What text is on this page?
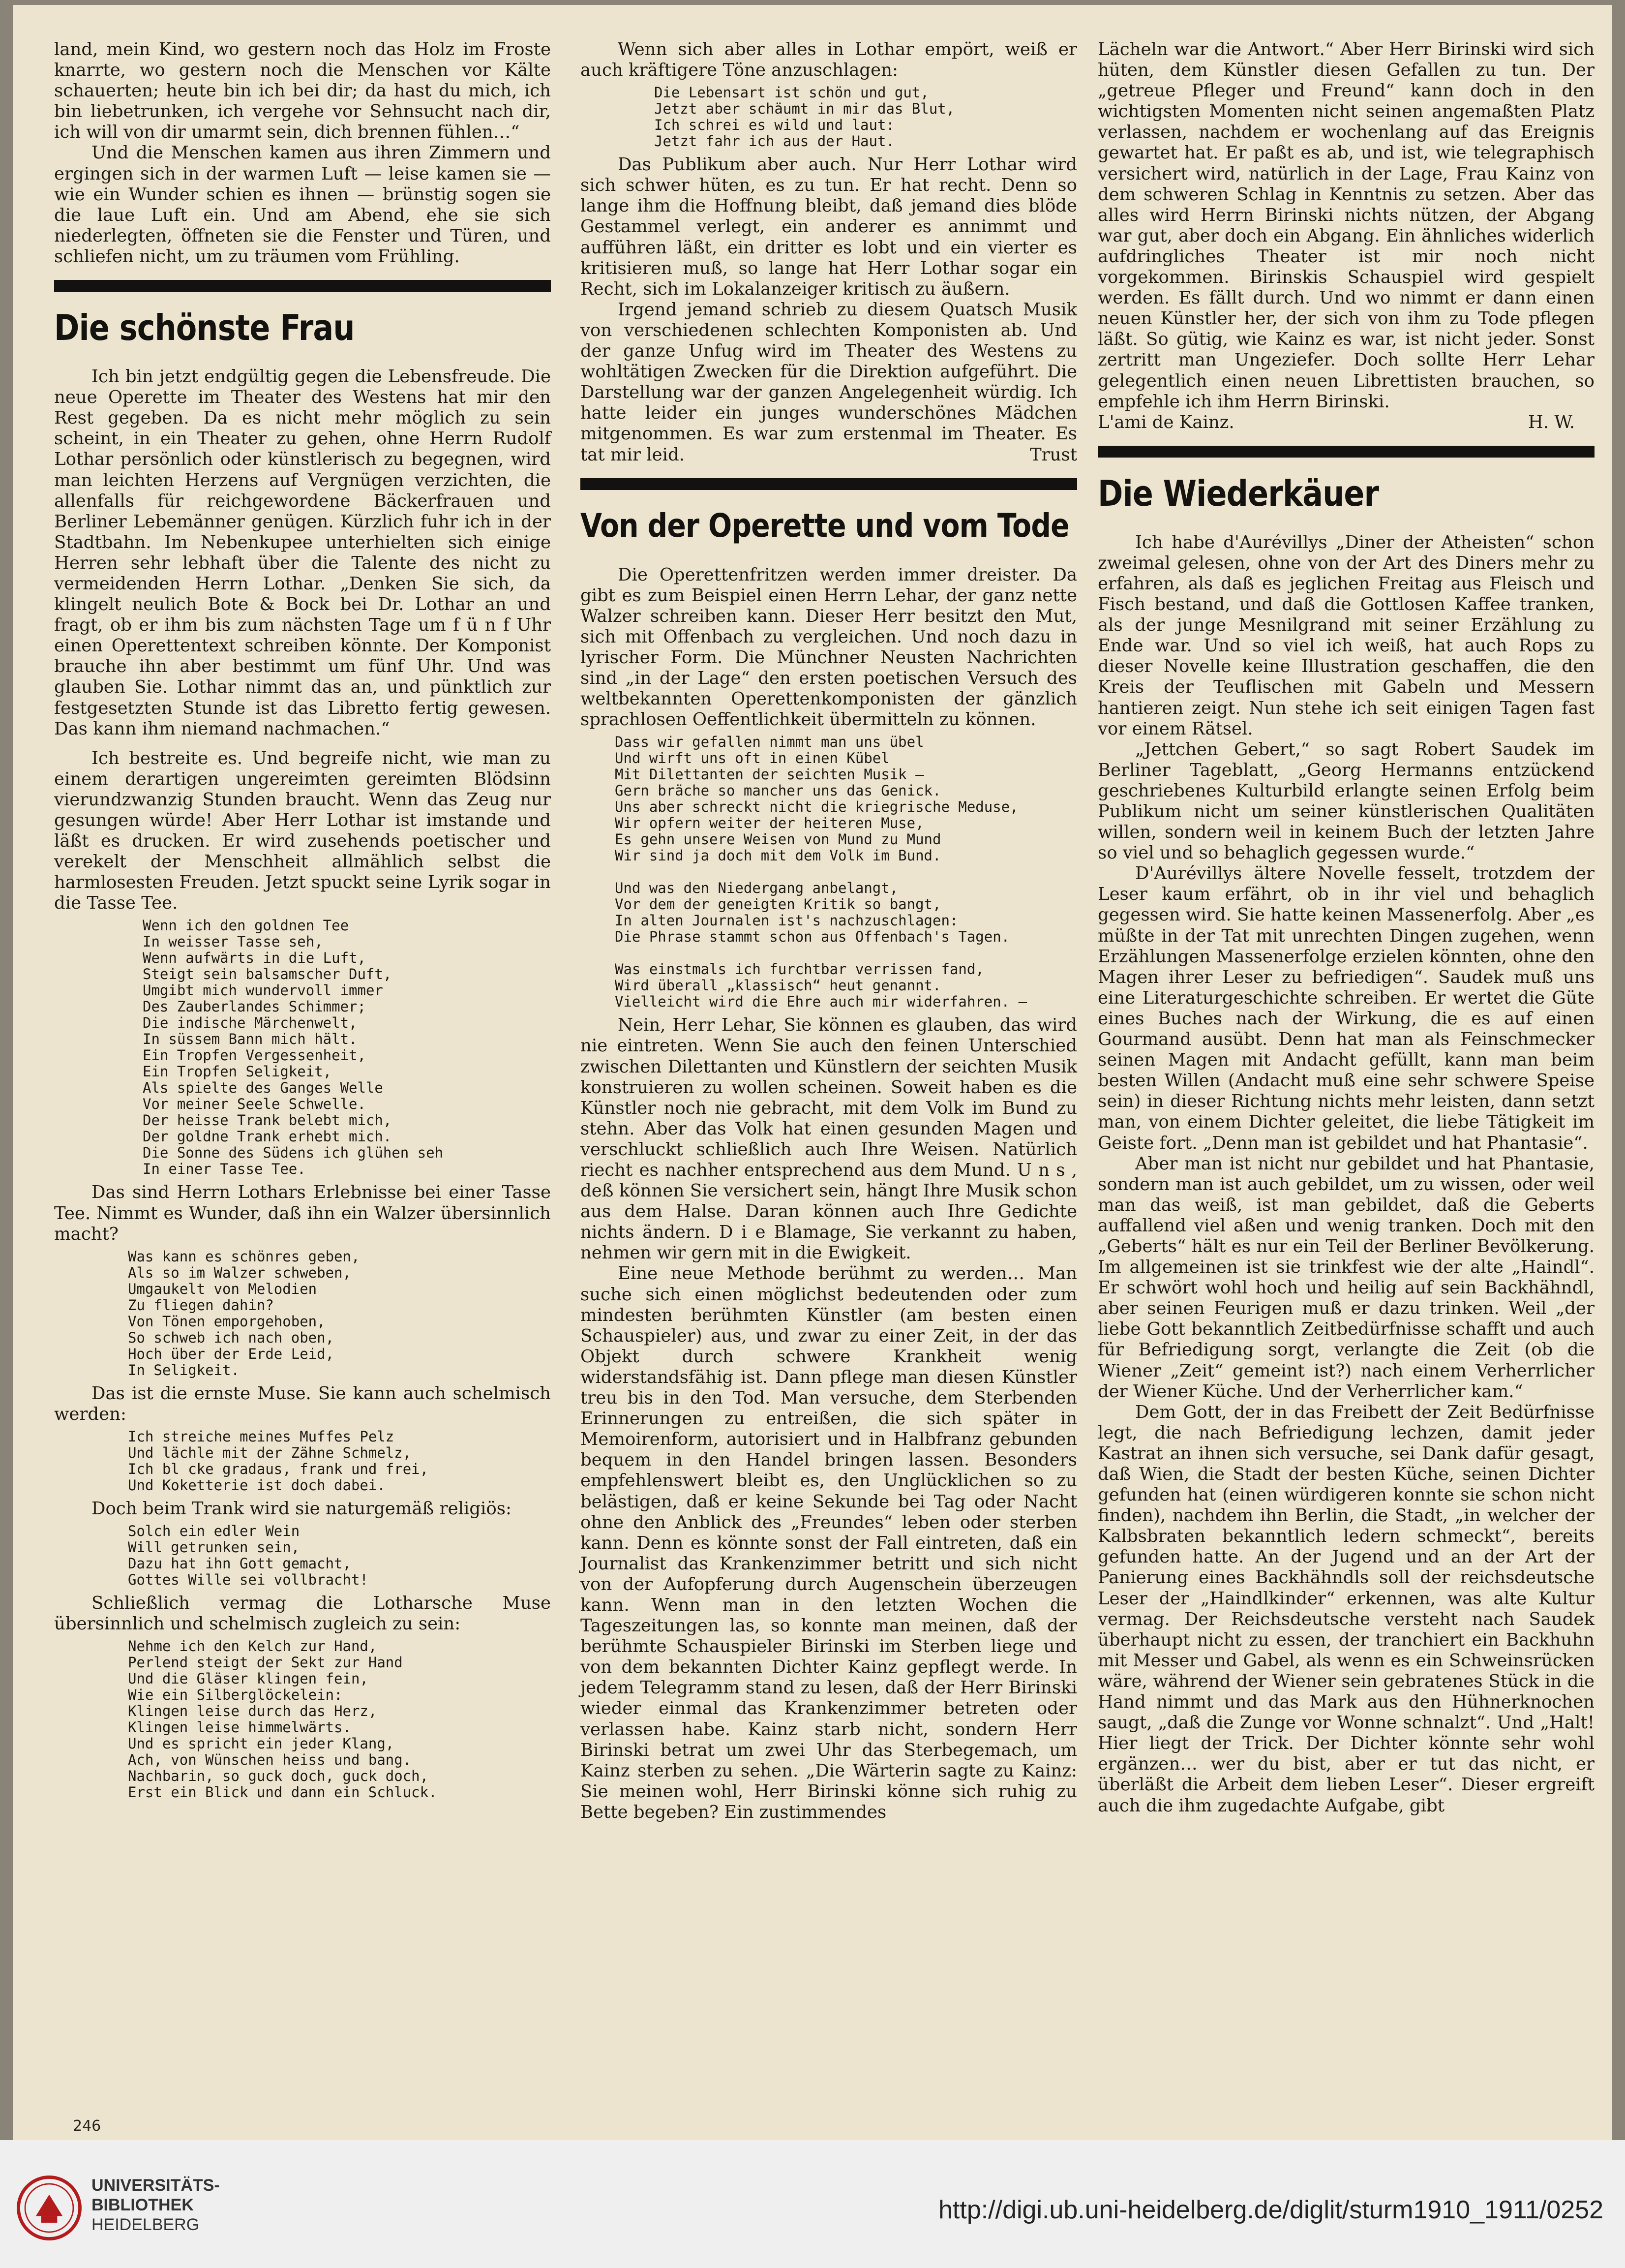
land, mein Kind, wo gestern noch das Holz im Froste knarrte, wo gestern noch die Menschen vor Kälte schauerten; heute bin ich bei dir; da hast du mich, ich bin liebetrunken, ich vergehe vor Sehnsucht nach dir, ich will von dir umarmt sein, dich brennen fühlen…“

Und die Menschen kamen aus ihren Zimmern und ergingen sich in der warmen Luft — leise kamen sie — wie ein Wunder schien es ihnen — brünstig sogen sie die laue Luft ein. Und am Abend, ehe sie sich niederlegten, öffneten sie die Fenster und Türen, und schliefen nicht, um zu träumen vom Frühling.

Die schönste Frau

Ich bin jetzt endgültig gegen die Lebensfreude. Die neue Operette im Theater des Westens hat mir den Rest gegeben. Da es nicht mehr möglich zu sein scheint, in ein Theater zu gehen, ohne Herrn Rudolf Lothar persönlich oder künstlerisch zu begegnen, wird man leichten Herzens auf Vergnügen verzichten, die allenfalls für reichgewordene Bäckerfrauen und Berliner Lebemänner genügen. Kürzlich fuhr ich in der Stadtbahn. Im Nebenkupee unterhielten sich einige Herren sehr lebhaft über die Talente des nicht zu vermeidenden Herrn Lothar. „Denken Sie sich, da klingelt neulich Bote & Bock bei Dr. Lothar an und fragt, ob er ihm bis zum nächsten Tage um f ü n f Uhr einen Operettentext schreiben könnte. Der Komponist brauche ihn aber bestimmt um fünf Uhr. Und was glauben Sie. Lothar nimmt das an, und pünktlich zur festgesetzten Stunde ist das Libretto fertig gewesen. Das kann ihm niemand nachmachen.“

Ich bestreite es. Und begreife nicht, wie man zu einem derartigen ungereimten gereimten Blödsinn vierundzwanzig Stunden braucht. Wenn das Zeug nur gesungen würde! Aber Herr Lothar ist imstande und läßt es drucken. Er wird zusehends poetischer und verekelt der Menschheit allmählich selbst die harmlosesten Freuden. Jetzt spuckt seine Lyrik sogar in die Tasse Tee.

Wenn ich den goldnen Tee
In weisser Tasse seh,
Wenn aufwärts in die Luft,
Steigt sein balsamscher Duft,
Umgibt mich wundervoll immer
Des Zauberlandes Schimmer;
Die indische Märchenwelt,
In süssem Bann mich hält.
Ein Tropfen Vergessenheit,
Ein Tropfen Seligkeit,
Als spielte des Ganges Welle
Vor meiner Seele Schwelle.
Der heisse Trank belebt mich,
Der goldne Trank erhebt mich.
Die Sonne des Südens ich glühen seh
In einer Tasse Tee.

Das sind Herrn Lothars Erlebnisse bei einer Tasse Tee. Nimmt es Wunder, daß ihn ein Walzer übersinnlich macht?

Was kann es schönres geben,
Als so im Walzer schweben,
Umgaukelt von Melodien
Zu fliegen dahin?
Von Tönen emporgehoben,
So schweb ich nach oben,
Hoch über der Erde Leid,
In Seligkeit.

Das ist die ernste Muse. Sie kann auch schelmisch werden:

Ich streiche meines Muffes Pelz
Und lächle mit der Zähne Schmelz,
Ich bl cke gradaus, frank und frei,
Und Koketterie ist doch dabei.

Doch beim Trank wird sie naturgemäß religiös:

Solch ein edler Wein
Will getrunken sein,
Dazu hat ihn Gott gemacht,
Gottes Wille sei vollbracht!

Schließlich vermag die Lotharsche Muse übersinnlich und schelmisch zugleich zu sein:

Nehme ich den Kelch zur Hand,
Perlend steigt der Sekt zur Hand
Und die Gläser klingen fein,
Wie ein Silberglöckelein:
Klingen leise durch das Herz,
Klingen leise himmelwärts.
Und es spricht ein jeder Klang,
Ach, von Wünschen heiss und bang.
Nachbarin, so guck doch, guck doch,
Erst ein Blick und dann ein Schluck.

Wenn sich aber alles in Lothar empört, weiß er auch kräftigere Töne anzuschlagen:

Die Lebensart ist schön und gut,
Jetzt aber schäumt in mir das Blut,
Ich schrei es wild und laut:
Jetzt fahr ich aus der Haut.

Das Publikum aber auch. Nur Herr Lothar wird sich schwer hüten, es zu tun. Er hat recht. Denn so lange ihm die Hoffnung bleibt, daß jemand dies blöde Gestammel verlegt, ein anderer es annimmt und aufführen läßt, ein dritter es lobt und ein vierter es kritisieren muß, so lange hat Herr Lothar sogar ein Recht, sich im Lokalanzeiger kritisch zu äußern.

Irgend jemand schrieb zu diesem Quatsch Musik von verschiedenen schlechten Komponisten ab. Und der ganze Unfug wird im Theater des Westens zu wohltätigen Zwecken für die Direktion aufgeführt. Die Darstellung war der ganzen Angelegenheit würdig. Ich hatte leider ein junges wunderschönes Mädchen mitgenommen. Es war zum erstenmal im Theater. Es tat mir leid.	Trust

Von der Operette und vom Tode

Die Operettenfritzen werden immer dreister. Da gibt es zum Beispiel einen Herrn Lehar, der ganz nette Walzer schreiben kann. Dieser Herr besitzt den Mut, sich mit Offenbach zu vergleichen. Und noch dazu in lyrischer Form. Die Münchner Neusten Nachrichten sind „in der Lage“ den ersten poetischen Versuch des weltbekannten Operettenkomponisten der gänzlich sprachlosen Oeffentlichkeit übermitteln zu können.

Dass wir gefallen nimmt man uns übel
Und wirft uns oft in einen Kübel
Mit Dilettanten der seichten Musik —
Gern bräche so mancher uns das Genick.
Uns aber schreckt nicht die kriegrische Meduse,
Wir opfern weiter der heiteren Muse,
Es gehn unsere Weisen von Mund zu Mund
Wir sind ja doch mit dem Volk im Bund.

Und was den Niedergang anbelangt,
Vor dem der geneigten Kritik so bangt,
In alten Journalen ist's nachzuschlagen:
Die Phrase stammt schon aus Offenbach's Tagen.

Was einstmals ich furchtbar verrissen fand,
Wird überall „klassisch“ heut genannt.
Vielleicht wird die Ehre auch mir widerfahren. —

Nein, Herr Lehar, Sie können es glauben, das wird nie eintreten. Wenn Sie auch den feinen Unterschied zwischen Dilettanten und Künstlern der seichten Musik konstruieren zu wollen scheinen. Soweit haben es die Künstler noch nie gebracht, mit dem Volk im Bund zu stehn. Aber das Volk hat einen gesunden Magen und verschluckt schließlich auch Ihre Weisen. Natürlich riecht es nachher entsprechend aus dem Mund. U n s , deß können Sie versichert sein, hängt Ihre Musik schon aus dem Halse. Daran können auch Ihre Gedichte nichts ändern. D i e Blamage, Sie verkannt zu haben, nehmen wir gern mit in die Ewigkeit.

Eine neue Methode berühmt zu werden… Man suche sich einen möglichst bedeutenden oder zum mindesten berühmten Künstler (am besten einen Schauspieler) aus, und zwar zu einer Zeit, in der das Objekt durch schwere Krankheit wenig widerstandsfähig ist. Dann pflege man diesen Künstler treu bis in den Tod. Man versuche, dem Sterbenden Erinnerungen zu entreißen, die sich später in Memoirenform, autorisiert und in Halbfranz gebunden bequem in den Handel bringen lassen. Besonders empfehlenswert bleibt es, den Unglücklichen so zu belästigen, daß er keine Sekunde bei Tag oder Nacht ohne den Anblick des „Freundes“ leben oder sterben kann. Denn es könnte sonst der Fall eintreten, daß ein Journalist das Krankenzimmer betritt und sich nicht von der Aufopferung durch Augenschein überzeugen kann. Wenn man in den letzten Wochen die Tageszeitungen las, so konnte man meinen, daß der berühmte Schauspieler Birinski im Sterben liege und von dem bekannten Dichter Kainz gepflegt werde. In jedem Telegramm stand zu lesen, daß der Herr Birinski wieder einmal das Krankenzimmer betreten oder verlassen habe. Kainz starb nicht, sondern Herr Birinski betrat um zwei Uhr das Sterbegemach, um Kainz sterben zu sehen. „Die Wärterin sagte zu Kainz: Sie meinen wohl, Herr Birinski könne sich ruhig zu Bette begeben? Ein zustimmendes

Lächeln war die Antwort.“ Aber Herr Birinski wird sich hüten, dem Künstler diesen Gefallen zu tun. Der „getreue Pfleger und Freund“ kann doch in den wichtigsten Momenten nicht seinen angemaßten Platz verlassen, nachdem er wochenlang auf das Ereignis gewartet hat. Er paßt es ab, und ist, wie telegraphisch versichert wird, natürlich in der Lage, Frau Kainz von dem schweren Schlag in Kenntnis zu setzen. Aber das alles wird Herrn Birinski nichts nützen, der Abgang war gut, aber doch ein Abgang. Ein ähnliches widerlich aufdringliches Theater ist mir noch nicht vorgekommen. Birinskis Schauspiel wird gespielt werden. Es fällt durch. Und wo nimmt er dann einen neuen Künstler her, der sich von ihm zu Tode pflegen läßt. So gütig, wie Kainz es war, ist nicht jeder. Sonst zertritt man Ungeziefer. Doch sollte Herr Lehar gelegentlich einen neuen Librettisten brauchen, so empfehle ich ihm Herrn Birinski.

L'ami de Kainz.	H. W.
Die Wiederkäuer

Ich habe d'Aurévillys „Diner der Atheisten“ schon zweimal gelesen, ohne von der Art des Diners mehr zu erfahren, als daß es jeglichen Freitag aus Fleisch und Fisch bestand, und daß die Gottlosen Kaffee tranken, als der junge Mesnilgrand mit seiner Erzählung zu Ende war. Und so viel ich weiß, hat auch Rops zu dieser Novelle keine Illustration geschaffen, die den Kreis der Teuflischen mit Gabeln und Messern hantieren zeigt. Nun stehe ich seit einigen Tagen fast vor einem Rätsel.

„Jettchen Gebert,“ so sagt Robert Saudek im Berliner Tageblatt, „Georg Hermanns entzückend geschriebenes Kulturbild erlangte seinen Erfolg beim Publikum nicht um seiner künstlerischen Qualitäten willen, sondern weil in keinem Buch der letzten Jahre so viel und so behaglich gegessen wurde.“

D'Aurévillys ältere Novelle fesselt, trotzdem der Leser kaum erfährt, ob in ihr viel und behaglich gegessen wird. Sie hatte keinen Massenerfolg. Aber „es müßte in der Tat mit unrechten Dingen zugehen, wenn Erzählungen Massenerfolge erzielen könnten, ohne den Magen ihrer Leser zu befriedigen“. Saudek muß uns eine Literaturgeschichte schreiben. Er wertet die Güte eines Buches nach der Wirkung, die es auf einen Gourmand ausübt. Denn hat man als Feinschmecker seinen Magen mit Andacht gefüllt, kann man beim besten Willen (Andacht muß eine sehr schwere Speise sein) in dieser Richtung nichts mehr leisten, dann setzt man, von einem Dichter geleitet, die liebe Tätigkeit im Geiste fort. „Denn man ist gebildet und hat Phantasie“.

Aber man ist nicht nur gebildet und hat Phantasie, sondern man ist auch gebildet, um zu wissen, oder weil man das weiß, ist man gebildet, daß die Geberts auffallend viel aßen und wenig tranken. Doch mit den „Geberts“ hält es nur ein Teil der Berliner Bevölkerung. Im allgemeinen ist sie trinkfest wie der alte „Haindl“. Er schwört wohl hoch und heilig auf sein Backhähndl, aber seinen Feurigen muß er dazu trinken. Weil „der liebe Gott bekanntlich Zeitbedürfnisse schafft und auch für Befriedigung sorgt, verlangte die Zeit (ob die Wiener „Zeit“ gemeint ist?) nach einem Verherrlicher der Wiener Küche. Und der Verherrlicher kam.“

Dem Gott, der in das Freibett der Zeit Bedürfnisse legt, die nach Befriedigung lechzen, damit jeder Kastrat an ihnen sich versuche, sei Dank dafür gesagt, daß Wien, die Stadt der besten Küche, seinen Dichter gefunden hat (einen würdigeren konnte sie schon nicht finden), nachdem ihn Berlin, die Stadt, „in welcher der Kalbsbraten bekanntlich ledern schmeckt“, bereits gefunden hatte. An der Jugend und an der Art der Panierung eines Backhähndls soll der reichsdeutsche Leser der „Haindlkinder“ erkennen, was alte Kultur vermag. Der Reichsdeutsche versteht nach Saudek überhaupt nicht zu essen, der tranchiert ein Backhuhn mit Messer und Gabel, als wenn es ein Schweinsrücken wäre, während der Wiener sein gebratenes Stück in die Hand nimmt und das Mark aus den Hühnerknochen saugt, „daß die Zunge vor Wonne schnalzt“. Und „Halt! Hier liegt der Trick. Der Dichter könnte sehr wohl ergänzen… wer du bist, aber er tut das nicht, er überläßt die Arbeit dem lieben Leser“. Dieser ergreift auch die ihm zugedachte Aufgabe, gibt

246
UNIVERSITÄTS-
BIBLIOTHEK
HEIDELBERG
http://digi.ub.uni-heidelberg.de/diglit/sturm1910_1911/0252
